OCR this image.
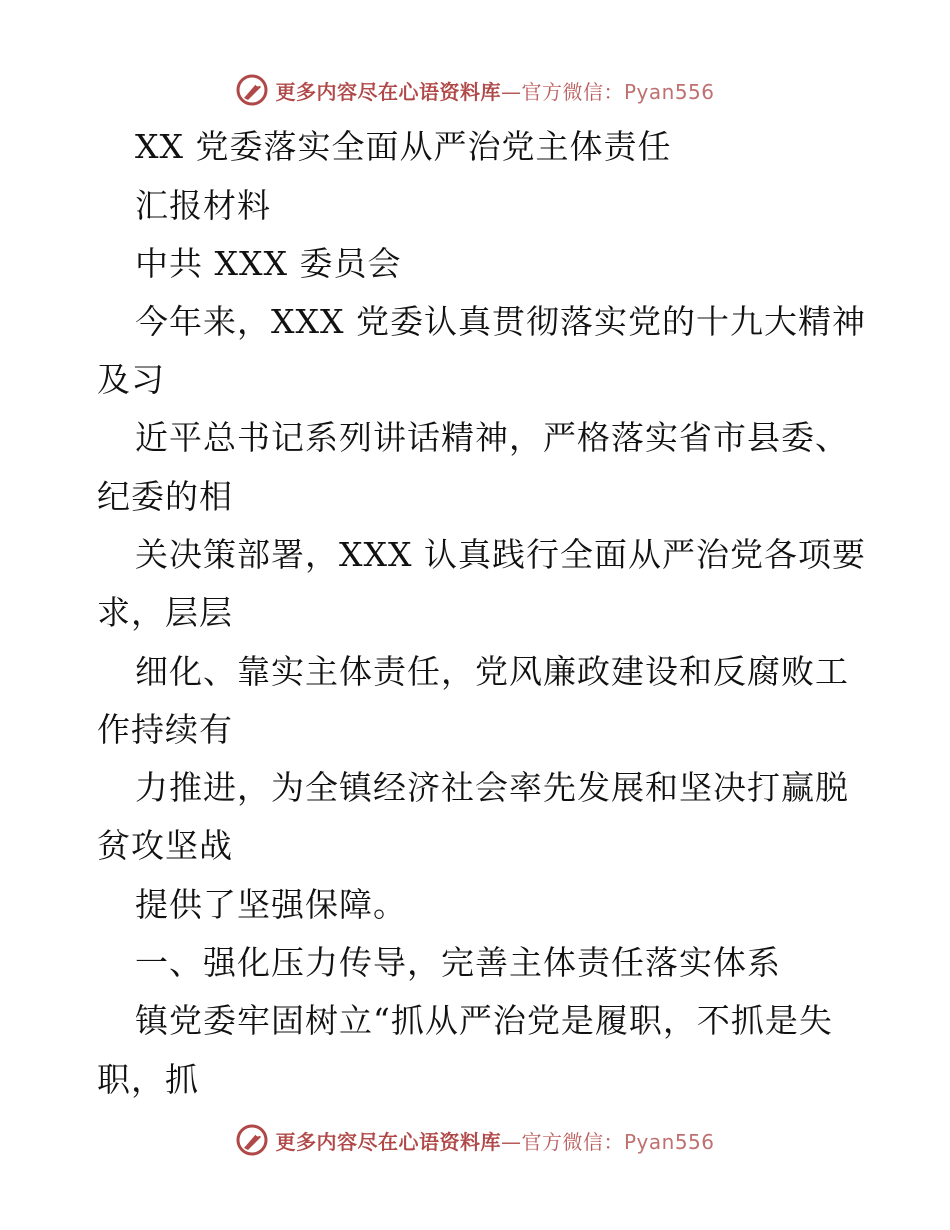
更多内容尽在心语资料库—官方微信：Pyan556
XX 党委落实全面从严治党主体责任
汇报材料
中共 XXX 委员会
今年来，XXX 党委认真贯彻落实党的十九大精神
及习
近平总书记系列讲话精神，严格落实省市县委、
纪委的相
关决策部署，XXX 认真践行全面从严治党各项要
求，层层
细化、靠实主体责任，党风廉政建设和反腐败工
作持续有
力推进，为全镇经济社会率先发展和坚决打赢脱
贫攻坚战
提供了坚强保障。
一、强化压力传导，完善主体责任落实体系
镇党委牢固树立“抓从严治党是履职，不抓是失
职，抓
更多内容尽在心语资料库—官方微信：Pyan556
